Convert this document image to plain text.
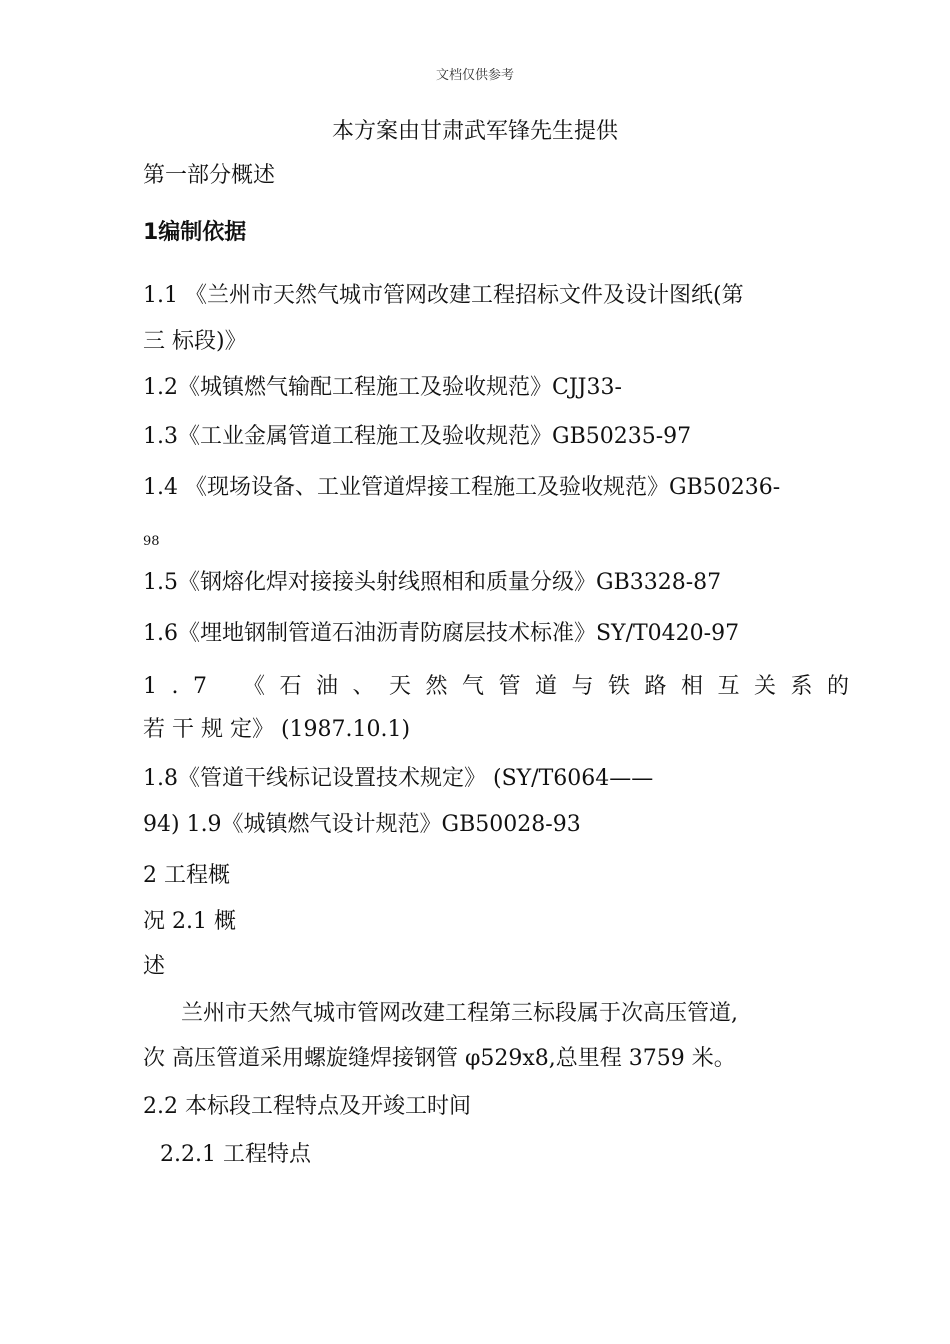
文档仅供参考
本方案由甘肃武军锋先生提供
第一部分概述
1编制依据
1.1 《兰州市天然气城市管网改建工程招标文件及设计图纸(第
三 标段)》
1.2《城镇燃气输配工程施工及验收规范》CJJ33-
1.3《工业金属管道工程施工及验收规范》GB50235-97
1.4 《现场设备、工业管道焊接工程施工及验收规范》GB50236-
98
1.5《钢熔化焊对接接头射线照相和质量分级》GB3328-87
1.6《埋地钢制管道石油沥青防腐层技术标准》SY/T0420-97
1.7 《石油、天然气管道与铁路相互关系的
若 干 规 定》 (1987.10.1)
1.8《管道干线标记设置技术规定》 (SY/T6064——
94) 1.9《城镇燃气设计规范》GB50028-93
2 工程概
况 2.1 概
述
兰州市天然气城市管网改建工程第三标段属于次高压管道,
次 高压管道采用螺旋缝焊接钢管 φ529x8,总里程 3759 米。
2.2 本标段工程特点及开竣工时间
2.2.1 工程特点
